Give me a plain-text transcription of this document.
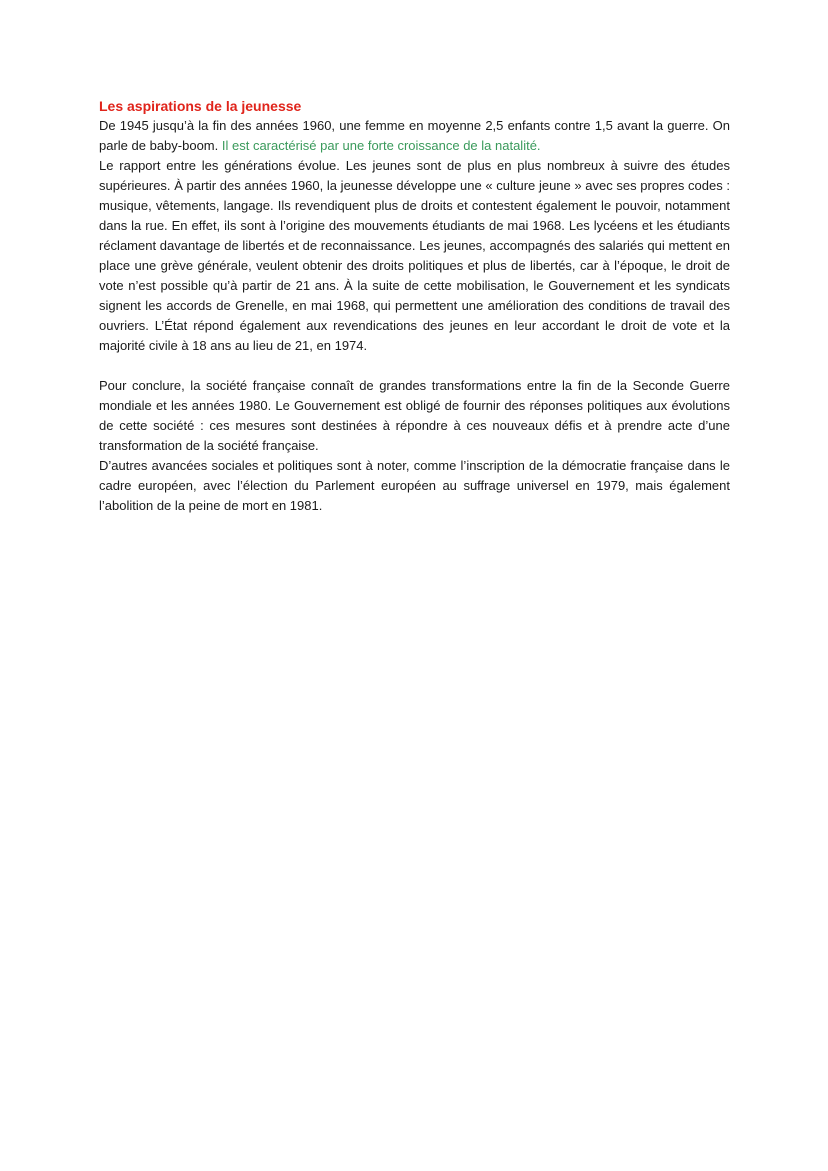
Les aspirations de la jeunesse

De 1945 jusqu’à la fin des années 1960, une femme en moyenne 2,5 enfants contre 1,5 avant la guerre. On parle de baby-boom. Il est caractérisé par une forte croissance de la natalité.

Le rapport entre les générations évolue. Les jeunes sont de plus en plus nombreux à suivre des études supérieures. À partir des années 1960, la jeunesse développe une « culture jeune » avec ses propres codes : musique, vêtements, langage. Ils revendiquent plus de droits et contestent également le pouvoir, notamment dans la rue. En effet, ils sont à l’origine des mouvements étudiants de mai 1968. Les lycéens et les étudiants réclament davantage de libertés et de reconnaissance. Les jeunes, accompagnés des salariés qui mettent en place une grève générale, veulent obtenir des droits politiques et plus de libertés, car à l’époque, le droit de vote n’est possible qu’à partir de 21 ans. À la suite de cette mobilisation, le Gouvernement et les syndicats signent les accords de Grenelle, en mai 1968, qui permettent une amélioration des conditions de travail des ouvriers. L’État répond également aux revendications des jeunes en leur accordant le droit de vote et la majorité civile à 18 ans au lieu de 21, en 1974.

Pour conclure, la société française connaît de grandes transformations entre la fin de la Seconde Guerre mondiale et les années 1980. Le Gouvernement est obligé de fournir des réponses politiques aux évolutions de cette société : ces mesures sont destinées à répondre à ces nouveaux défis et à prendre acte d’une transformation de la société française.

D’autres avancées sociales et politiques sont à noter, comme l’inscription de la démocratie française dans le cadre européen, avec l’élection du Parlement européen au suffrage universel en 1979, mais également l’abolition de la peine de mort en 1981.
